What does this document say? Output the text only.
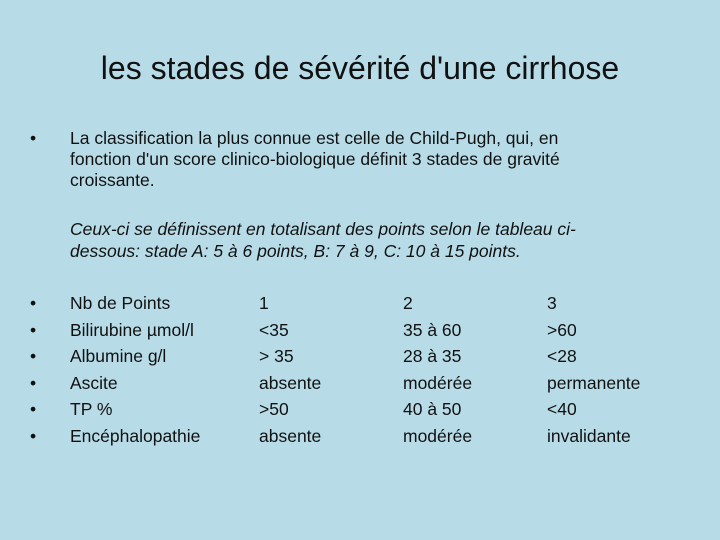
les stades de sévérité d'une cirrhose
• La classification la plus connue est celle de Child-Pugh, qui, en
fonction d'un score clinico-biologique définit 3 stades de gravité
croissante.
Ceux-ci se définissent en totalisant des points selon le tableau ci-
dessous: stade A: 5 à 6 points, B: 7 à 9, C: 10 à 15 points.
• Nb de Points	1	2	3
• Bilirubine µmol/l	<35	35 à 60	>60
• Albumine g/l	> 35	28 à 35	<28
• Ascite	absente	modérée	permanente
• TP %	>50	40 à 50	<40
• Encéphalopathie	absente	modérée	invalidante
